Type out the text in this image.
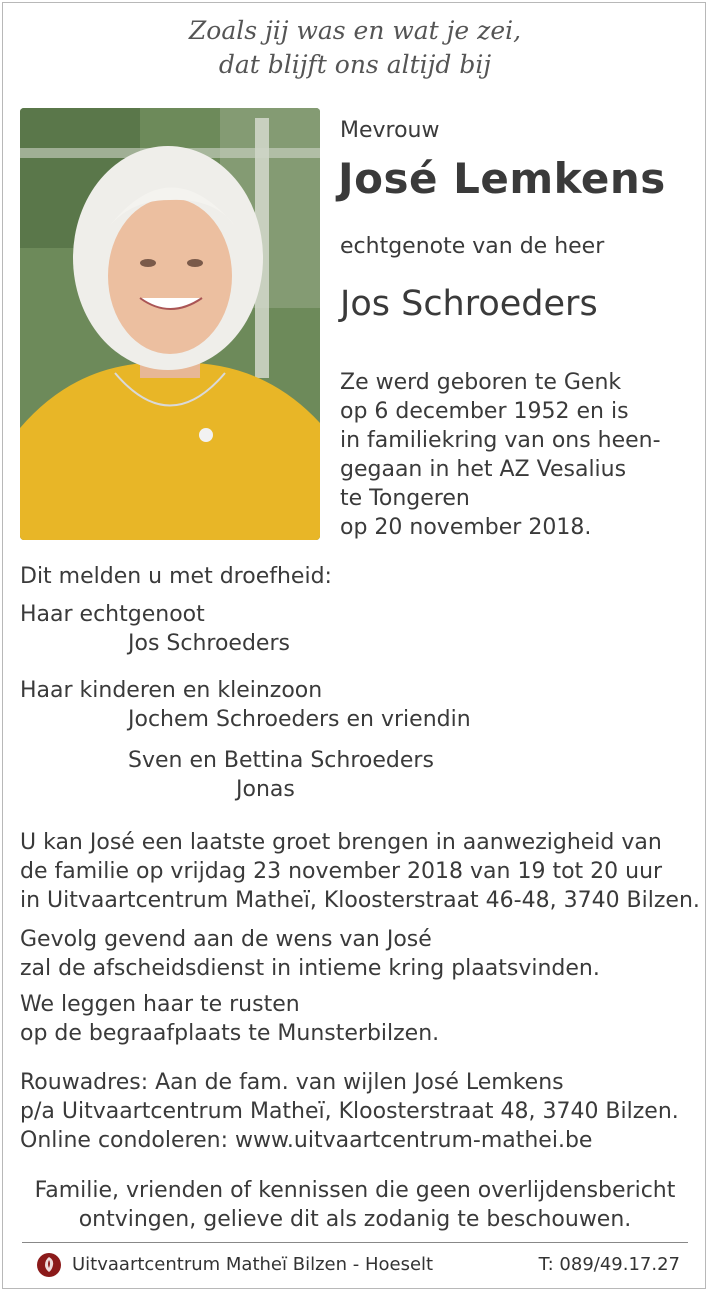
Zoals jij was en wat je zei,
dat blijft ons altijd bij
Mevrouw
José Lemkens
echtgenote van de heer
Jos Schroeders
Ze werd geboren te Genk
op 6 december 1952 en is
in familiekring van ons heen-
gegaan in het AZ Vesalius
te Tongeren
op 20 november 2018.
Dit melden u met droefheid:
Haar echtgenoot
Jos Schroeders
Haar kinderen en kleinzoon
Jochem Schroeders en vriendin
Sven en Bettina Schroeders
Jonas
U kan José een laatste groet brengen in aanwezigheid van
de familie op vrijdag 23 november 2018 van 19 tot 20 uur
in Uitvaartcentrum Matheï, Kloosterstraat 46-48, 3740 Bilzen.
Gevolg gevend aan de wens van José
zal de afscheidsdienst in intieme kring plaatsvinden.
We leggen haar te rusten
op de begraafplaats te Munsterbilzen.
Rouwadres: Aan de fam. van wijlen José Lemkens
p/a Uitvaartcentrum Matheï, Kloosterstraat 48, 3740 Bilzen.
Online condoleren: www.uitvaartcentrum-mathei.be
Familie, vrienden of kennissen die geen overlijdensbericht
ontvingen, gelieve dit als zodanig te beschouwen.
Uitvaartcentrum Matheï Bilzen - Hoeselt	T: 089/49.17.27
